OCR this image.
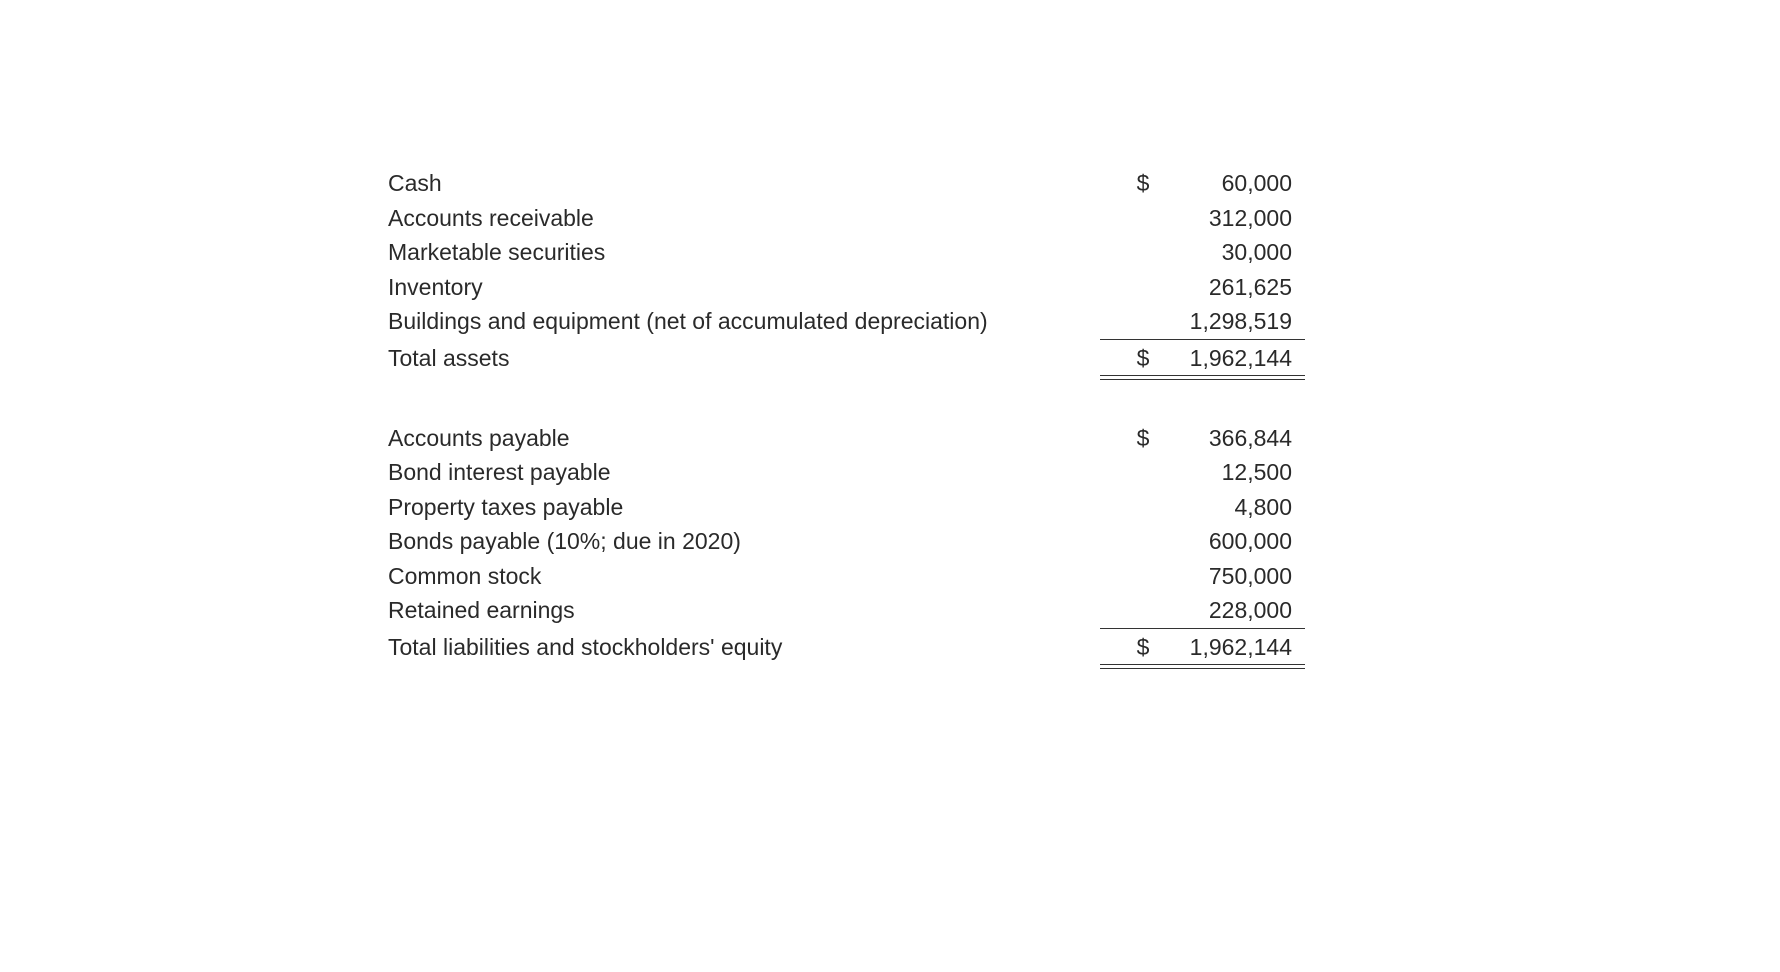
Cash	$	60,000
Accounts receivable	312,000
Marketable securities	30,000
Inventory	261,625
Buildings and equipment (net of accumulated depreciation)	1,298,519
Total assets	$	1,962,144
Accounts payable	$	366,844
Bond interest payable	12,500
Property taxes payable	4,800
Bonds payable (10%; due in 2020)	600,000
Common stock	750,000
Retained earnings	228,000
Total liabilities and stockholders' equity	$	1,962,144
